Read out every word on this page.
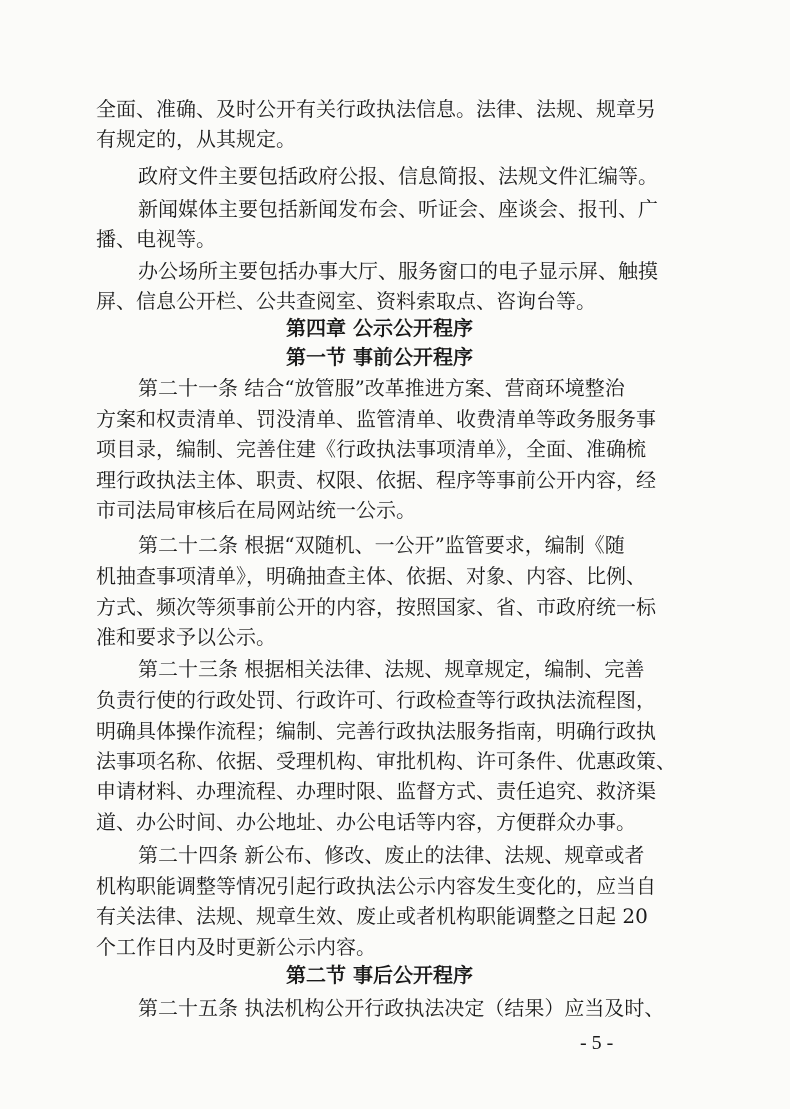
全面、准确、及时公开有关行政执法信息。法律、法规、规章另
有规定的，从其规定。
政府文件主要包括政府公报、信息简报、法规文件汇编等。
新闻媒体主要包括新闻发布会、听证会、座谈会、报刊、广
播、电视等。
办公场所主要包括办事大厅、服务窗口的电子显示屏、触摸
屏、信息公开栏、公共查阅室、资料索取点、咨询台等。
第四章 公示公开程序
第一节 事前公开程序
第二十一条 结合“放管服”改革推进方案、营商环境整治
方案和权责清单、罚没清单、监管清单、收费清单等政务服务事
项目录，编制、完善住建《行政执法事项清单》，全面、准确梳
理行政执法主体、职责、权限、依据、程序等事前公开内容，经
市司法局审核后在局网站统一公示。
第二十二条 根据“双随机、一公开”监管要求，编制《随
机抽查事项清单》，明确抽查主体、依据、对象、内容、比例、
方式、频次等须事前公开的内容，按照国家、省、市政府统一标
准和要求予以公示。
第二十三条 根据相关法律、法规、规章规定，编制、完善
负责行使的行政处罚、行政许可、行政检查等行政执法流程图，
明确具体操作流程；编制、完善行政执法服务指南，明确行政执
法事项名称、依据、受理机构、审批机构、许可条件、优惠政策、
申请材料、办理流程、办理时限、监督方式、责任追究、救济渠
道、办公时间、办公地址、办公电话等内容，方便群众办事。
第二十四条 新公布、修改、废止的法律、法规、规章或者
机构职能调整等情况引起行政执法公示内容发生变化的，应当自
有关法律、法规、规章生效、废止或者机构职能调整之日起 20
个工作日内及时更新公示内容。
第二节 事后公开程序
第二十五条 执法机构公开行政执法决定（结果）应当及时、
- 5 -
